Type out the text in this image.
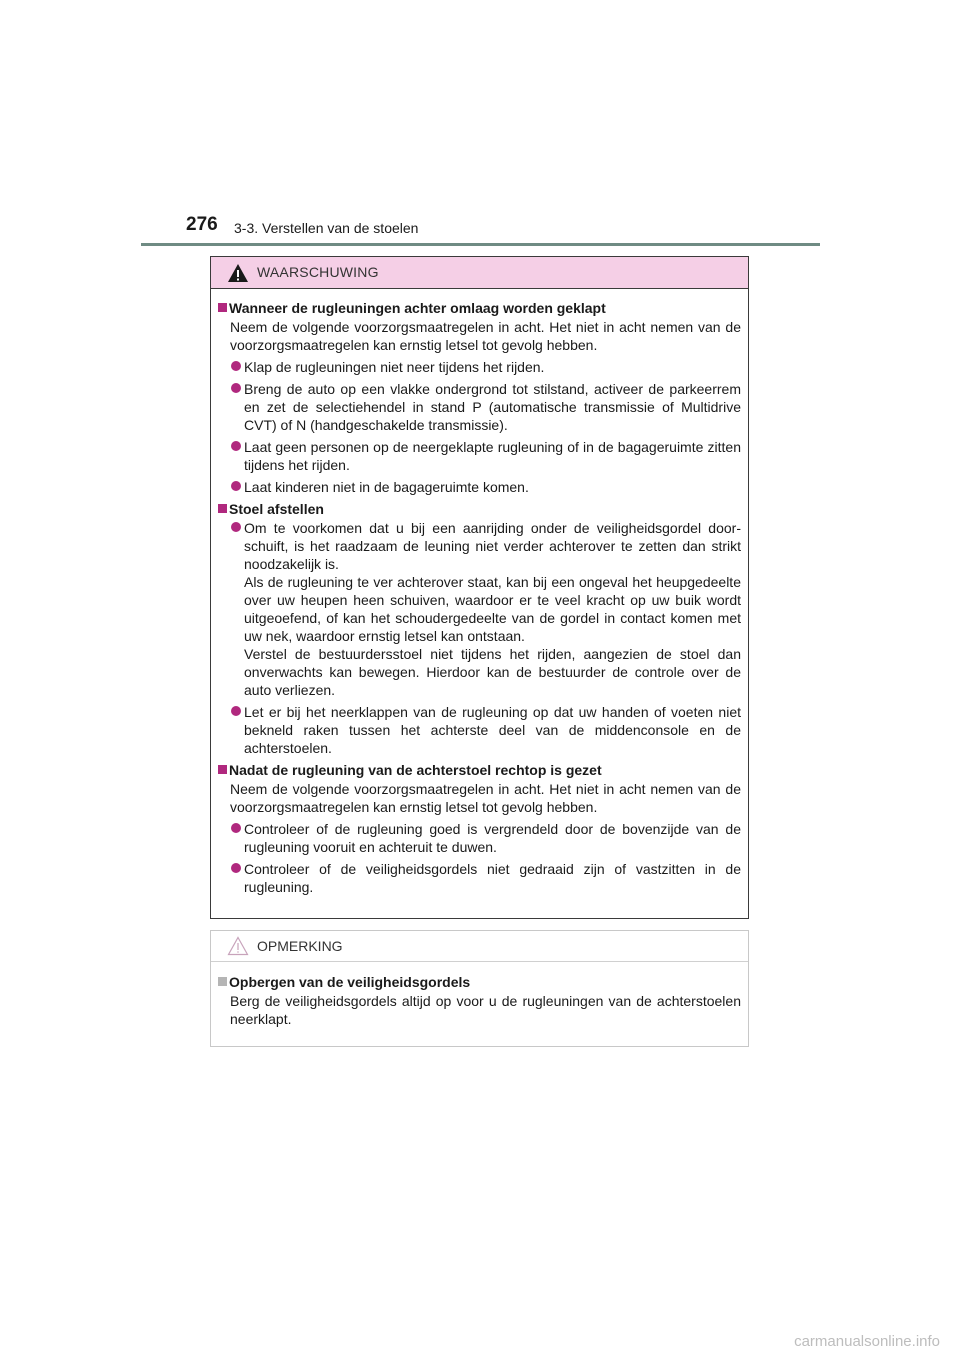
276 3-3. Verstellen van de stoelen
WAARSCHUWING
Wanneer de rugleuningen achter omlaag worden geklapt
Neem de volgende voorzorgsmaatregelen in acht. Het niet in acht nemen van de voorzorgsmaatregelen kan ernstig letsel tot gevolg hebben.
Klap de rugleuningen niet neer tijdens het rijden.
Breng de auto op een vlakke ondergrond tot stilstand, activeer de parkeerrem en zet de selectiehendel in stand P (automatische transmissie of Multidrive CVT) of N (handgeschakelde transmissie).
Laat geen personen op de neergeklapte rugleuning of in de bagageruimte zitten tijdens het rijden.
Laat kinderen niet in de bagageruimte komen.
Stoel afstellen
Om te voorkomen dat u bij een aanrijding onder de veiligheidsgordel doorschuift, is het raadzaam de leuning niet verder achterover te zetten dan strikt noodzakelijk is.
Als de rugleuning te ver achterover staat, kan bij een ongeval het heupgedeelte over uw heupen heen schuiven, waardoor er te veel kracht op uw buik wordt uitgeoefend, of kan het schoudergedeelte van de gordel in contact komen met uw nek, waardoor ernstig letsel kan ontstaan.
Verstel de bestuurdersstoel niet tijdens het rijden, aangezien de stoel dan onverwachts kan bewegen. Hierdoor kan de bestuurder de controle over de auto verliezen.
Let er bij het neerklappen van de rugleuning op dat uw handen of voeten niet bekneld raken tussen het achterste deel van de middenconsole en de achterstoelen.
Nadat de rugleuning van de achterstoel rechtop is gezet
Neem de volgende voorzorgsmaatregelen in acht. Het niet in acht nemen van de voorzorgsmaatregelen kan ernstig letsel tot gevolg hebben.
Controleer of de rugleuning goed is vergrendeld door de bovenzijde van de rugleuning vooruit en achteruit te duwen.
Controleer of de veiligheidsgordels niet gedraaid zijn of vastzitten in de rugleuning.
OPMERKING
Opbergen van de veiligheidsgordels
Berg de veiligheidsgordels altijd op voor u de rugleuningen van de achterstoelen neerklapt.
carmanualsonline.info
